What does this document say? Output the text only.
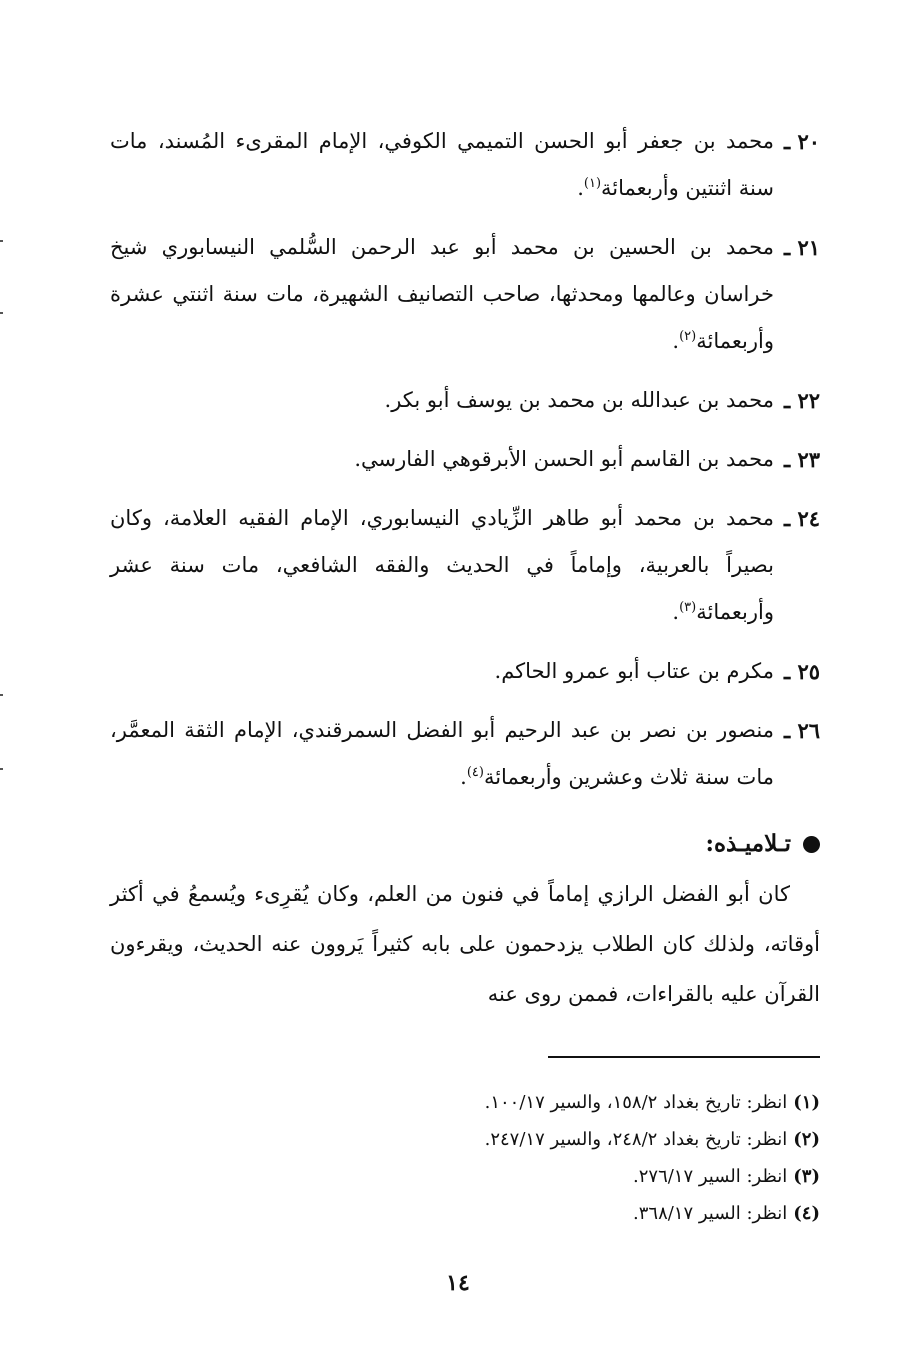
٢٠ ـ
محمد بن جعفر أبو الحسن التميمي الكوفي، الإمام المقرىء المُسند، مات سنة اثنتين وأربعمائة$^{(١)}$.
٢١ ـ
محمد بن الحسين بن محمد أبو عبد الرحمن السُّلمي النيسابوري شيخ خراسان وعالمها ومحدثها، صاحب التصانيف الشهيرة، مات سنة اثنتي عشرة وأربعمائة$^{(٢)}$.
٢٢ ـ
محمد بن عبدالله بن محمد بن يوسف أبو بكر.
٢٣ ـ
محمد بن القاسم أبو الحسن الأبرقوهي الفارسي.
٢٤ ـ
محمد بن محمد أبو طاهر الزِّيادي النيسابوري، الإمام الفقيه العلامة، وكان بصيراً بالعربية، وإماماً في الحديث والفقه الشافعي، مات سنة عشر وأربعمائة$^{(٣)}$.
٢٥ ـ
مكرم بن عتاب أبو عمرو الحاكم.
٢٦ ـ
منصور بن نصر بن عبد الرحيم أبو الفضل السمرقندي، الإمام الثقة المعمَّر، مات سنة ثلاث وعشرين وأربعمائة$^{(٤)}$.
تـلاميـذه:
كان أبو الفضل الرازي إماماً في فنون من العلم، وكان يُقرِىء ويُسمعُ في أكثر أوقاته، ولذلك كان الطلاب يزدحمون على بابه كثيراً يَروون عنه الحديث، ويقرءون القرآن عليه بالقراءات، فممن روى عنه
(١)انظر: تاريخ بغداد ١٥٨/٢، والسير ١٠٠/١٧.
(٢)انظر: تاريخ بغداد ٢٤٨/٢، والسير ٢٤٧/١٧.
(٣)انظر: السير ٢٧٦/١٧.
(٤)انظر: السير ٣٦٨/١٧.
١٤
